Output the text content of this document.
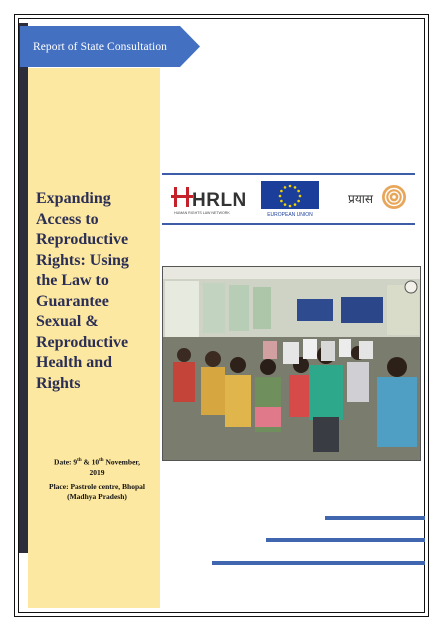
Report of State Consultation
Expanding
Access to
Reproductive
Rights: Using
the Law to
Guarantee
Sexual &
Reproductive
Health and
Rights

Date: 9th & 10th November,
2019

Place: Pastrole centre, Bhopal
(Madhya Pradesh)

HRLN
HUMAN RIGHTS LAW NETWORK	EUROPEAN UNION
प्रयास
